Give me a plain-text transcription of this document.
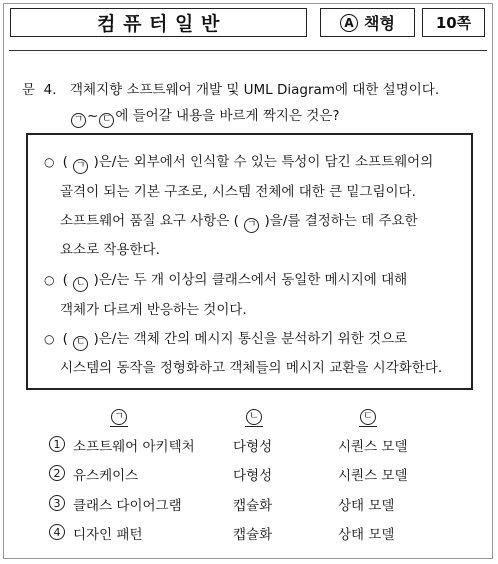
컴 퓨 터 일 반	A 책형	10쪽
문 4. 객체지향 소프트웨어 개발 및 UML Diagram에 대한 설명이다.
ㄱ ~ ㄷ 에 들어갈 내용을 바르게 짝지은 것은?
○ ( ㄱ )은/는 외부에서 인식할 수 있는 특성이 담긴 소프트웨어의
골격이 되는 기본 구조로, 시스템 전체에 대한 큰 밑그림이다.
소프트웨어 품질 요구 사항은 ( ㄱ )을/를 결정하는 데 주요한
요소로 작용한다.
○ ( ㄴ )은/는 두 개 이상의 클래스에서 동일한 메시지에 대해
객체가 다르게 반응하는 것이다.
○ ( ㄷ )은/는 객체 간의 메시지 통신을 분석하기 위한 것으로
시스템의 동작을 정형화하고 객체들의 메시지 교환을 시각화한다.
ㄱ	ㄴ	ㄷ
1 소프트웨어 아키텍처	다형성	시퀀스 모델
2 유스케이스	다형성	시퀀스 모델
3 클래스 다이어그램	캡슐화	상태 모델
4 디자인 패턴	캡슐화	상태 모델
